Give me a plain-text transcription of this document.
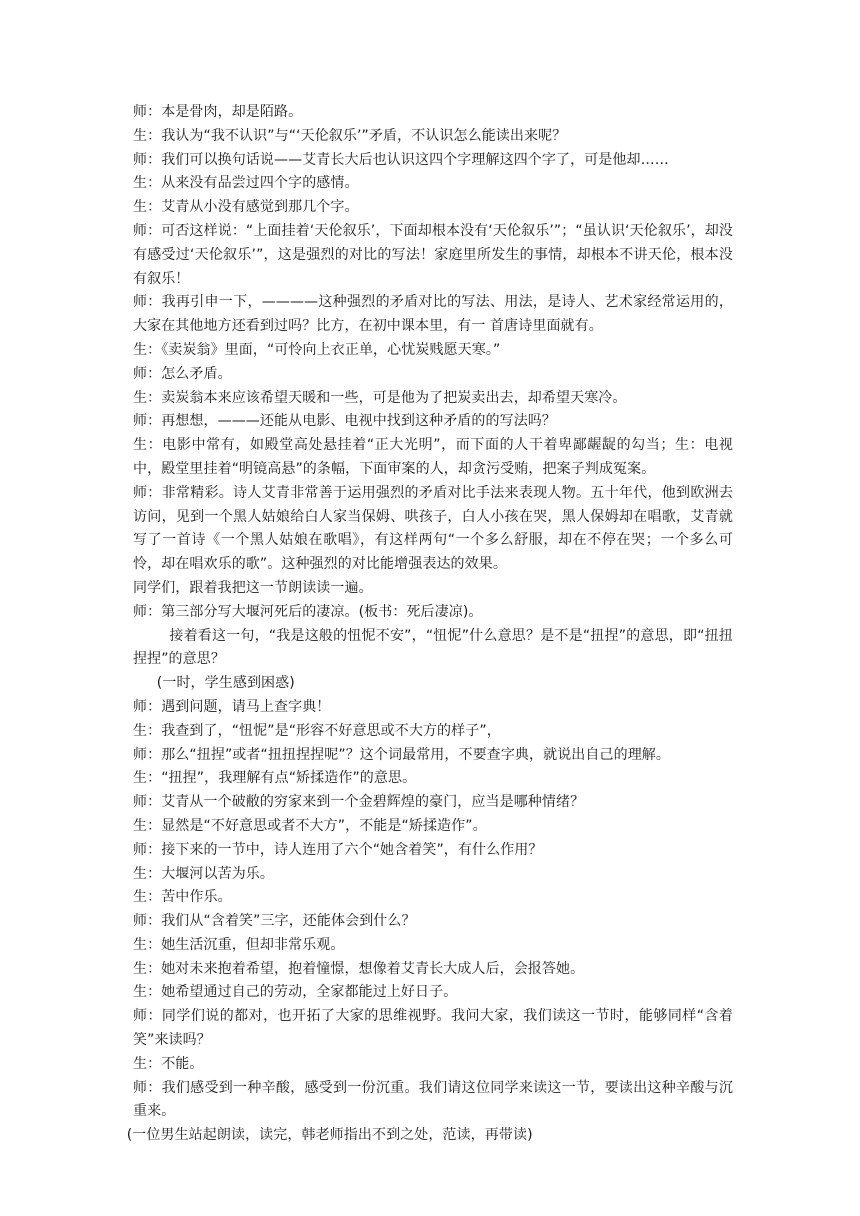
师：本是骨肉，却是陌路。

生：我认为“我不认识”与“‘天伦叙乐’”矛盾，不认识怎么能读出来呢？

师：我们可以换句话说——艾青长大后也认识这四个字理解这四个字了，可是他却……

生：从来没有品尝过四个字的感情。

生：艾青从小没有感觉到那几个字。

师：可否这样说：“上面挂着‘天伦叙乐’，下面却根本没有‘天伦叙乐’”；“虽认识‘天伦叙乐’，却没有感受过‘天伦叙乐’”，这是强烈的对比的写法！家庭里所发生的事情，却根本不讲天伦，根本没有叙乐！

师：我再引申一下，————这种强烈的矛盾对比的写法、用法，是诗人、艺术家经常运用的，大家在其他地方还看到过吗？比方，在初中课本里，有一 首唐诗里面就有。

生：《卖炭翁》里面，“可怜向上衣正单，心忧炭贱愿天寒。”

师：怎么矛盾。

生：卖炭翁本来应该希望天暖和一些，可是他为了把炭卖出去，却希望天寒冷。

师：再想想，———还能从电影、电视中找到这种矛盾的的写法吗？

生：电影中常有，如殿堂高处悬挂着“正大光明”，而下面的人干着卑鄙龌龊的勾当；生：电视中，殿堂里挂着“明镜高悬”的条幅，下面审案的人，却贪污受贿，把案子判成冤案。

师：非常精彩。诗人艾青非常善于运用强烈的矛盾对比手法来表现人物。五十年代，他到欧洲去访问，见到一个黑人姑娘给白人家当保姆、哄孩子，白人小孩在哭，黑人保姆却在唱歌，艾青就写了一首诗《一个黑人姑娘在歌唱》，有这样两句“一个多么舒服，却在不停在哭；一个多么可怜，却在唱欢乐的歌”。这种强烈的对比能增强表达的效果。

同学们，跟着我把这一节朗读读一遍。

师：第三部分写大堰河死后的凄凉。(板书：死后凄凉)。

接着看这一句，“我是这般的忸怩不安”，“忸怩”什么意思？是不是“扭捏”的意思，即“扭扭捏捏”的意思？

(一时，学生感到困惑)

师：遇到问题，请马上查字典！

生：我查到了，“忸怩”是“形容不好意思或不大方的样子”，

师：那么“扭捏”或者“扭扭捏捏呢”？这个词最常用，不要查字典，就说出自己的理解。

生：“扭捏”，我理解有点“矫揉造作”的意思。

师：艾青从一个破敝的穷家来到一个金碧辉煌的豪门，应当是哪种情绪？

生：显然是“不好意思或者不大方”，不能是“矫揉造作”。

师：接下来的一节中，诗人连用了六个“她含着笑”，有什么作用？

生：大堰河以苦为乐。

生：苦中作乐。

师：我们从“含着笑”三字，还能体会到什么？

生：她生活沉重，但却非常乐观。

生：她对未来抱着希望，抱着憧憬，想像着艾青长大成人后，会报答她。

生：她希望通过自己的劳动，全家都能过上好日子。

师：同学们说的都对，也开拓了大家的思维视野。我问大家，我们读这一节时，能够同样“含着笑”来读吗？

生：不能。

师：我们感受到一种辛酸，感受到一份沉重。我们请这位同学来读这一节，要读出这种辛酸与沉重来。

(一位男生站起朗读，读完，韩老师指出不到之处，范读，再带读)
